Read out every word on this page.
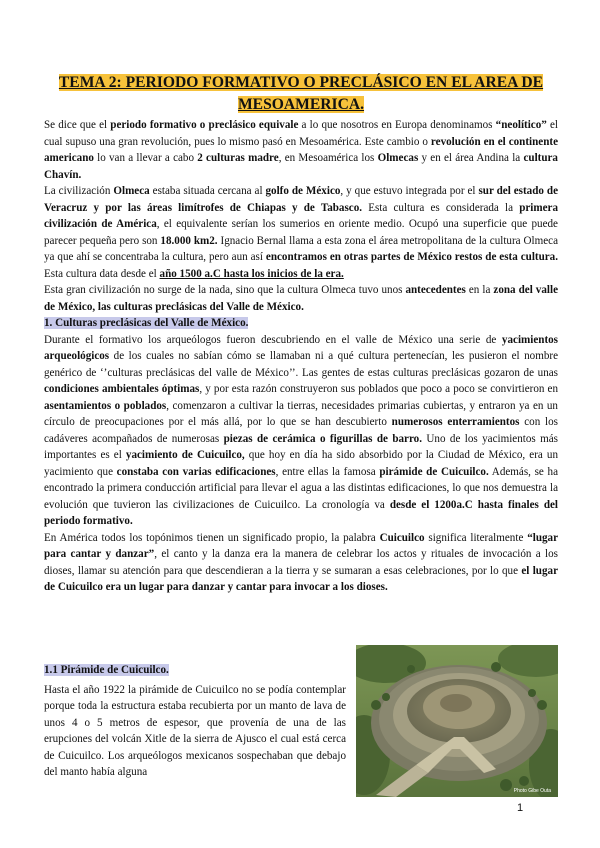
TEMA 2: PERIODO FORMATIVO O PRECLÁSICO EN EL AREA DE MESOAMERICA.

Se dice que el periodo formativo o preclásico equivale a lo que nosotros en Europa denominamos “neolítico” el cual supuso una gran revolución, pues lo mismo pasó en Mesoamérica. Este cambio o revolución en el continente americano lo van a llevar a cabo 2 culturas madre, en Mesoamérica los Olmecas y en el área Andina la cultura Chavín.

La civilización Olmeca estaba situada cercana al golfo de México, y que estuvo integrada por el sur del estado de Veracruz y por las áreas limítrofes de Chiapas y de Tabasco. Esta cultura es considerada la primera civilización de América, el equivalente serían los sumerios en oriente medio. Ocupó una superficie que puede parecer pequeña pero son 18.000 km2. Ignacio Bernal llama a esta zona el área metropolitana de la cultura Olmeca ya que ahí se concentraba la cultura, pero aun así encontramos en otras partes de México restos de esta cultura. Esta cultura data desde el año 1500 a.C hasta los inicios de la era.

Esta gran civilización no surge de la nada, sino que la cultura Olmeca tuvo unos antecedentes en la zona del valle de México, las culturas preclásicas del Valle de México.

1. Culturas preclásicas del Valle de México.

Durante el formativo los arqueólogos fueron descubriendo en el valle de México una serie de yacimientos arqueológicos de los cuales no sabían cómo se llamaban ni a qué cultura pertenecían, les pusieron el nombre genérico de ‘’culturas preclásicas del valle de México’’. Las gentes de estas culturas preclásicas gozaron de unas condiciones ambientales óptimas, y por esta razón construyeron sus poblados que poco a poco se convirtieron en asentamientos o poblados, comenzaron a cultivar la tierras, necesidades primarias cubiertas, y entraron ya en un círculo de preocupaciones por el más allá, por lo que se han descubierto numerosos enterramientos con los cadáveres acompañados de numerosas piezas de cerámica o figurillas de barro. Uno de los yacimientos más importantes es el yacimiento de Cuicuilco, que hoy en día ha sido absorbido por la Ciudad de México, era un yacimiento que constaba con varias edificaciones, entre ellas la famosa pirámide de Cuicuilco. Además, se ha encontrado la primera conducción artificial para llevar el agua a las distintas edificaciones, lo que nos demuestra la evolución que tuvieron las civilizaciones de Cuicuilco. La cronología va desde el 1200a.C hasta finales del periodo formativo.

En América todos los topónimos tienen un significado propio, la palabra Cuicuilco significa literalmente “lugar para cantar y danzar”, el canto y la danza era la manera de celebrar los actos y rituales de invocación a los dioses, llamar su atención para que descendieran a la tierra y se sumaran a esas celebraciones, por lo que el lugar de Cuicuilco era un lugar para danzar y cantar para invocar a los dioses.

1.1 Pirámide de Cuicuilco.

Hasta el año 1922 la pirámide de Cuicuilco no se podía contemplar porque toda la estructura estaba recubierta por un manto de lava de unos 4 o 5 metros de espesor, que provenía de una de las erupciones del volcán Xitle de la sierra de Ajusco el cual está cerca de Cuicuilco. Los arqueólogos mexicanos sospechaban que debajo del manto había alguna

Photo Gibe Outa
1
